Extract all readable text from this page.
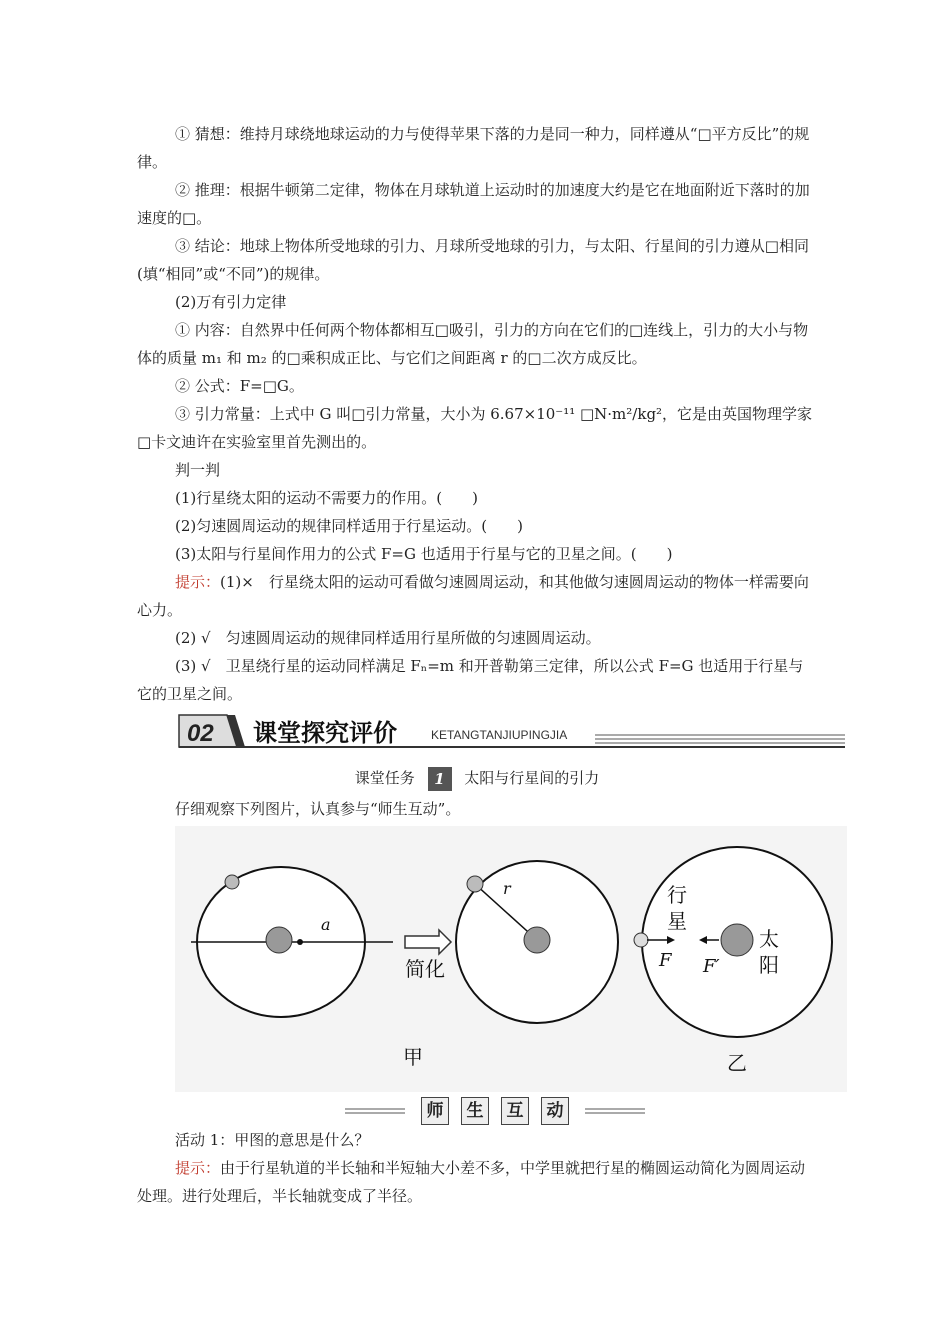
① 猜想：维持月球绕地球运动的力与使得苹果下落的力是同一种力，同样遵从“□平方反比”的规律。
② 推理：根据牛顿第二定律，物体在月球轨道上运动时的加速度大约是它在地面附近下落时的加速度的□。
③ 结论：地球上物体所受地球的引力、月球所受地球的引力，与太阳、行星间的引力遵从□相同(填“相同”或“不同”)的规律。
(2)万有引力定律
① 内容：自然界中任何两个物体都相互□吸引，引力的方向在它们的□连线上，引力的大小与物体的质量 m₁ 和 m₂ 的□乘积成正比、与它们之间距离 r 的□二次方成反比。
② 公式：F=□G。
③ 引力常量：上式中 G 叫□引力常量，大小为 6.67×10⁻¹¹ □N·m²/kg²，它是由英国物理学家□卡文迪许在实验室里首先测出的。
判一判
(1)行星绕太阳的运动不需要力的作用。(　　)
(2)匀速圆周运动的规律同样适用于行星运动。(　　)
(3)太阳与行星间作用力的公式 F=G 也适用于行星与它的卫星之间。(　　)
提示：(1)×　行星绕太阳的运动可看做匀速圆周运动，和其他做匀速圆周运动的物体一样需要向心力。
(2) √　匀速圆周运动的规律同样适用行星所做的匀速圆周运动。
(3) √　卫星绕行星的运动同样满足 Fₙ=m 和开普勒第三定律，所以公式 F=G 也适用于行星与它的卫星之间。
02 课堂探究评价	KETANGTANJIUPINGJIA
课堂任务 1 太阳与行星间的引力
仔细观察下列图片，认真参与“师生互动”。
a
简化
r	行
星
太
阳
F F′
甲	乙
师	生	互	动
活动 1：甲图的意思是什么？
提示：由于行星轨道的半长轴和半短轴大小差不多，中学里就把行星的椭圆运动简化为圆周运动处理。进行处理后，半长轴就变成了半径。
